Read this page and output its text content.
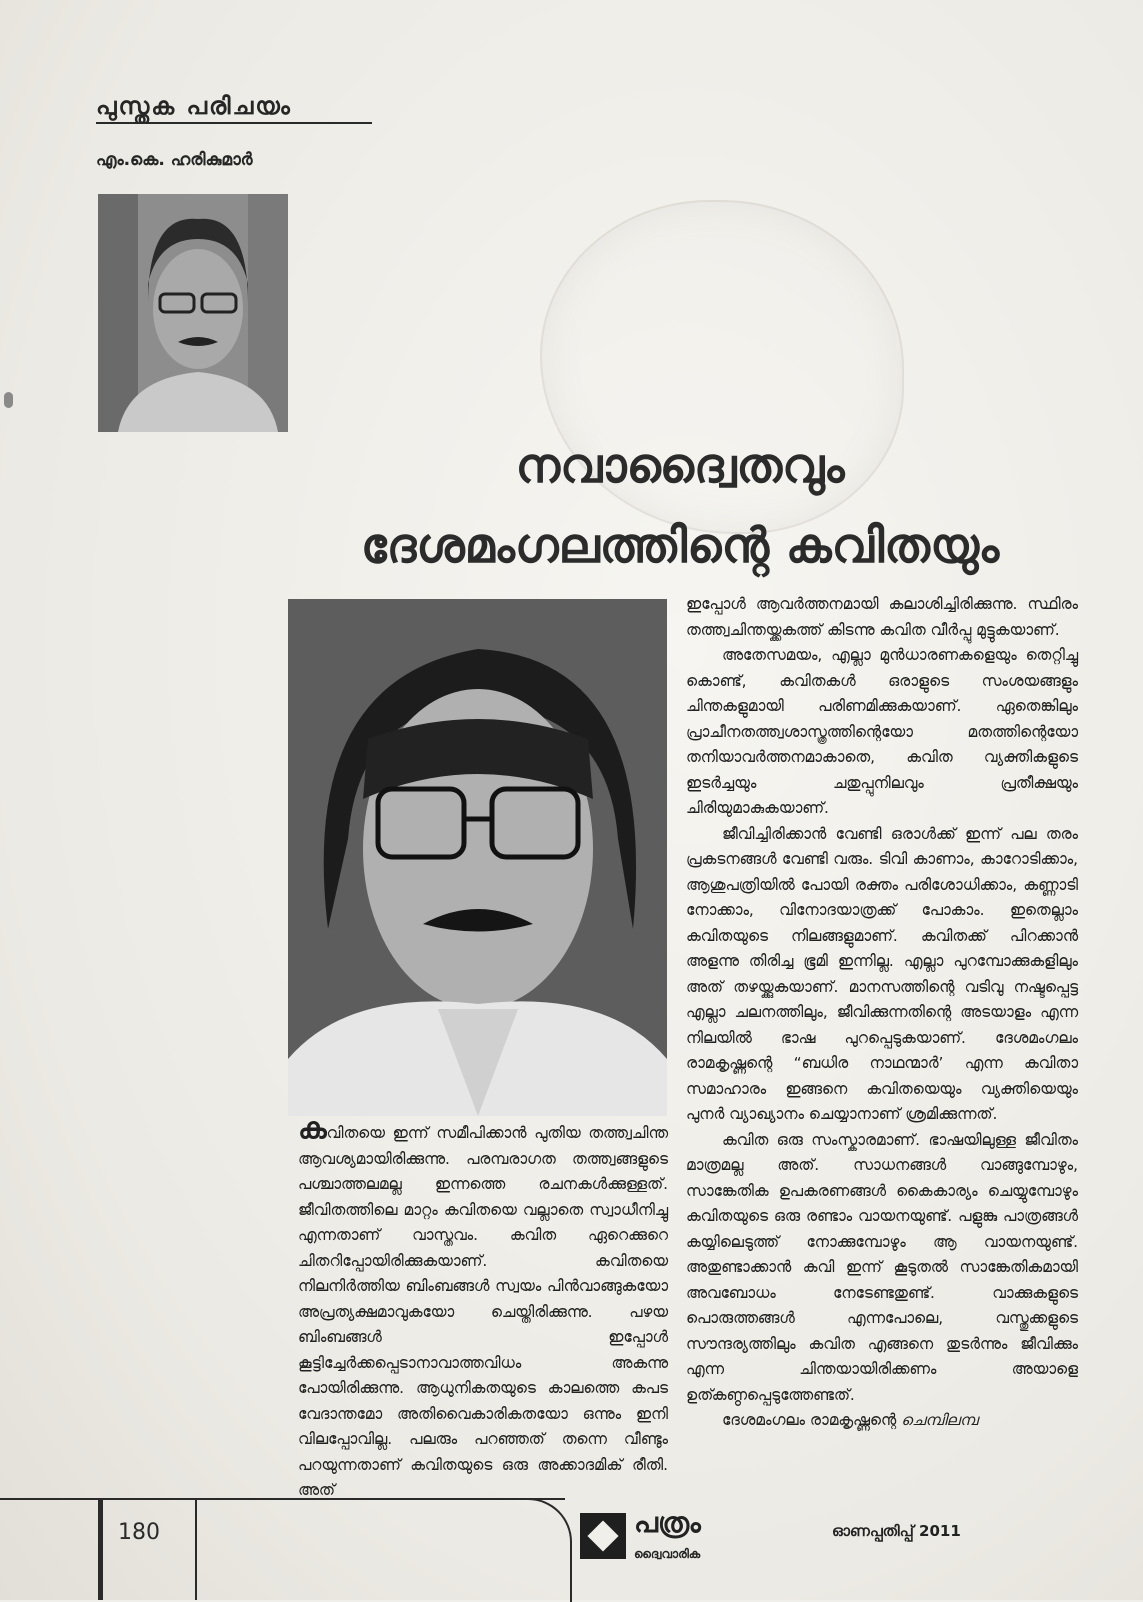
പുസ്തക പരിചയം
എം.കെ. ഹരികുമാർ
നവാദ്വൈതവും
ദേശമംഗലത്തിന്റെ കവിതയും

കവിതയെ ഇന്ന് സമീപിക്കാൻ പുതിയ തത്ത്വചിന്ത ആവശ്യമായിരിക്കുന്നു. പരമ്പരാഗത തത്ത്വങ്ങളുടെ പശ്ചാത്തലമല്ല ഇന്നത്തെ രചനകൾക്കുള്ളത്. ജീവിതത്തിലെ മാറ്റം കവിതയെ വല്ലാതെ സ്വാധീനിച്ചു എന്നതാണ് വാസ്തവം. കവിത ഏറെക്കുറെ ചിതറിപ്പോയിരിക്കുകയാണ്. കവിതയെ നിലനിർത്തിയ ബിംബങ്ങൾ സ്വയം പിൻവാങ്ങുകയോ അപ്രത്യക്ഷമാവുകയോ ചെയ്തിരിക്കുന്നു. പഴയ ബിംബങ്ങൾ ഇപ്പോൾ കൂട്ടിച്ചേർക്കപ്പെടാനാവാത്തവിധം അകന്നു പോയിരിക്കുന്നു. ആധുനികതയുടെ കാലത്തെ കപട വേദാന്തമോ അതിവൈകാരികതയോ ഒന്നും ഇനി വിലപ്പോവില്ല. പലരും പറഞ്ഞത് തന്നെ വീണ്ടും പറയുന്നതാണ് കവിതയുടെ ഒരു അക്കാദമിക് രീതി. അത്

ഇപ്പോൾ ആവർത്തനമായി കലാശിച്ചിരിക്കുന്നു. സ്ഥിരം തത്ത്വചിന്തയ്ക്കകത്ത് കിടന്നു കവിത വീർപ്പു മുട്ടുകയാണ്.

അതേസമയം, എല്ലാ മുൻധാരണകളെയും തെറ്റിച്ചു കൊണ്ട്, കവിതകൾ ഒരാളുടെ സംശയങ്ങളും ചിന്തകളുമായി പരിണമിക്കുകയാണ്. ഏതെങ്കിലും പ്രാചീനതത്ത്വശാസ്ത്രത്തിന്റെയോ മതത്തിന്റെയോ തനിയാവർത്തനമാകാതെ, കവിത വ്യക്തികളുടെ ഇടർച്ചയും ചതുപ്പുനിലവും പ്രതീക്ഷയും ചിരിയുമാകുകയാണ്.

ജീവിച്ചിരിക്കാൻ വേണ്ടി ഒരാൾക്ക് ഇന്ന് പല തരം പ്രകടനങ്ങൾ വേണ്ടി വരും. ടിവി കാണാം, കാറോടിക്കാം, ആശുപത്രിയിൽ പോയി രക്തം പരിശോധിക്കാം, കണ്ണാടി നോക്കാം, വിനോദയാത്രക്ക് പോകാം. ഇതെല്ലാം കവിതയുടെ നിലങ്ങളുമാണ്. കവിതക്ക് പിറക്കാൻ അളന്നു തിരിച്ച ഭൂമി ഇന്നില്ല. എല്ലാ പുറമ്പോക്കുകളിലും അത് തഴയ്ക്കുകയാണ്. മാനസത്തിന്റെ വടിവു നഷ്ടപ്പെട്ട എല്ലാ ചലനത്തിലും, ജീവിക്കുന്നതിന്റെ അടയാളം എന്ന നിലയിൽ ഭാഷ പുറപ്പെടുകയാണ്. ദേശമംഗലം രാമകൃഷ്ണന്റെ “ബധിര നാഥന്മാർ’ എന്ന കവിതാ സമാഹാരം ഇങ്ങനെ കവിതയെയും വ്യക്തിയെയും പുനർ വ്യാഖ്യാനം ചെയ്യാനാണ് ശ്രമിക്കുന്നത്.

കവിത ഒരു സംസ്കാരമാണ്. ഭാഷയിലുള്ള ജീവിതം മാത്രമല്ല അത്. സാധനങ്ങൾ വാങ്ങുമ്പോഴും, സാങ്കേതിക ഉപകരണങ്ങൾ കൈകാര്യം ചെയ്യുമ്പോഴും കവിതയുടെ ഒരു രണ്ടാം വായനയുണ്ട്. പളുങ്കു പാത്രങ്ങൾ കയ്യിലെടുത്ത് നോക്കുമ്പോഴും ആ വായനയുണ്ട്. അതുണ്ടാക്കാൻ കവി ഇന്ന് കൂടുതൽ സാങ്കേതികമായി അവബോധം നേടേണ്ടതുണ്ട്. വാക്കുകളുടെ പൊരുത്തങ്ങൾ എന്നപോലെ, വസ്തുക്കളുടെ സൗന്ദര്യത്തിലും കവിത എങ്ങനെ തുടർന്നും ജീവിക്കും എന്ന ചിന്തയായിരിക്കണം അയാളെ ഉത്കണ്ഠപ്പെടുത്തേണ്ടത്.

ദേശമംഗലം രാമകൃഷ്ണന്റെ ചെമ്പിലമ്പ

180	പത്രം
ദ്വൈവാരിക
ഓണപ്പതിപ്പ് 2011
